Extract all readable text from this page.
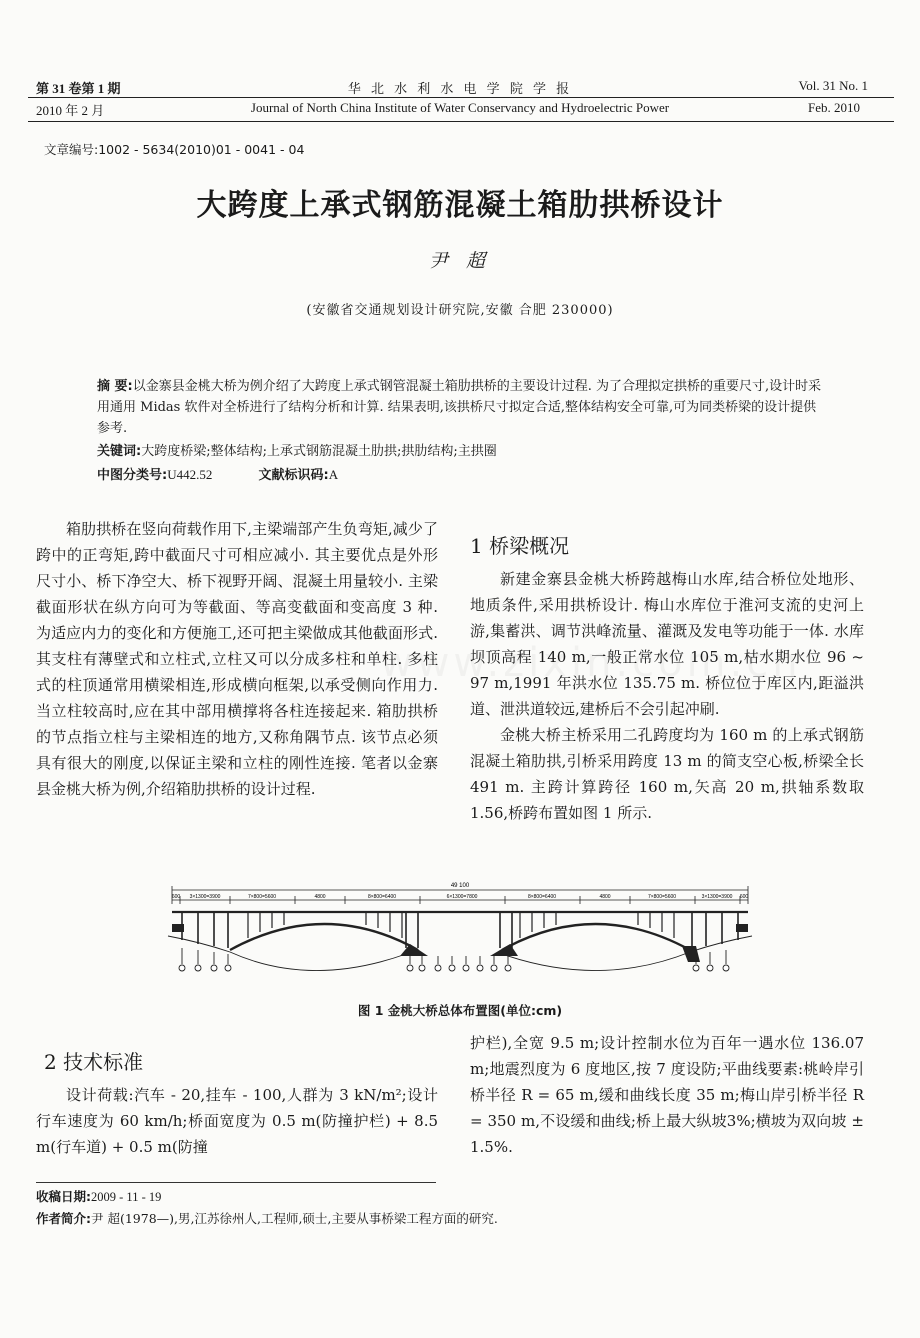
第 31 卷第 1 期	华 北 水 利 水 电 学 院 学 报	Vol. 31 No. 1
2010 年 2 月	Journal of North China Institute of Water Conservancy and Hydroelectric Power	Feb. 2010
文章编号:1002 - 5634(2010)01 - 0041 - 04
大跨度上承式钢筋混凝土箱肋拱桥设计
尹 超
(安徽省交通规划设计研究院,安徽 合肥 230000)
摘 要:以金寨县金桃大桥为例介绍了大跨度上承式钢管混凝土箱肋拱桥的主要设计过程. 为了合理拟定拱桥的重要尺寸,设计时采用通用 Midas 软件对全桥进行了结构分析和计算. 结果表明,该拱桥尺寸拟定合适,整体结构安全可靠,可为同类桥梁的设计提供参考.
关键词:大跨度桥梁;整体结构;上承式钢筋混凝土肋拱;拱肋结构;主拱圈
中图分类号:U442.52	文献标识码:A

箱肋拱桥在竖向荷载作用下,主梁端部产生负弯矩,减少了跨中的正弯矩,跨中截面尺寸可相应减小. 其主要优点是外形尺寸小、桥下净空大、桥下视野开阔、混凝土用量较小. 主梁截面形状在纵方向可为等截面、等高变截面和变高度 3 种. 为适应内力的变化和方便施工,还可把主梁做成其他截面形式. 其支柱有薄壁式和立柱式,立柱又可以分成多柱和单柱. 多柱式的柱顶通常用横梁相连,形成横向框架,以承受侧向作用力. 当立柱较高时,应在其中部用横撑将各柱连接起来. 箱肋拱桥的节点指立柱与主梁相连的地方,又称角隅节点. 该节点必须具有很大的刚度,以保证主梁和立柱的刚性连接. 笔者以金寨县金桃大桥为例,介绍箱肋拱桥的设计过程.

1 桥梁概况

新建金寨县金桃大桥跨越梅山水库,结合桥位处地形、地质条件,采用拱桥设计. 梅山水库位于淮河支流的史河上游,集蓄洪、调节洪峰流量、灌溉及发电等功能于一体. 水库坝顶高程 140 m,一般正常水位 105 m,枯水期水位 96 ~ 97 m,1991 年洪水位 135.75 m. 桥位位于库区内,距溢洪道、泄洪道较远,建桥后不会引起冲刷.

金桃大桥主桥采用二孔跨度均为 160 m 的上承式钢筋混凝土箱肋拱,引桥采用跨度 13 m 的简支空心板,桥梁全长 491 m. 主跨计算跨径 160 m,矢高 20 m,拱轴系数取 1.56,桥跨布置如图 1 所示.

49 100
600 3×1300=3900	7×800=5600	4800	8×800=6400	6×1300=7800	8×800=6400	4800	7×800=5600	3×1300=3900 600
图 1 金桃大桥总体布置图(单位:cm)
2 技术标准

设计荷载:汽车 - 20,挂车 - 100,人群为 3 kN/m²;设计行车速度为 60 km/h;桥面宽度为 0.5 m(防撞护栏) + 8.5 m(行车道) + 0.5 m(防撞

护栏),全宽 9.5 m;设计控制水位为百年一遇水位 136.07 m;地震烈度为 6 度地区,按 7 度设防;平曲线要素:桃岭岸引桥半径 R = 65 m,缓和曲线长度 35 m;梅山岸引桥半径 R = 350 m,不设缓和曲线;桥上最大纵坡3%;横坡为双向坡 ± 1.5%.

收稿日期:2009 - 11 - 19
作者简介:尹 超(1978—),男,江苏徐州人,工程师,硕士,主要从事桥梁工程方面的研究.
